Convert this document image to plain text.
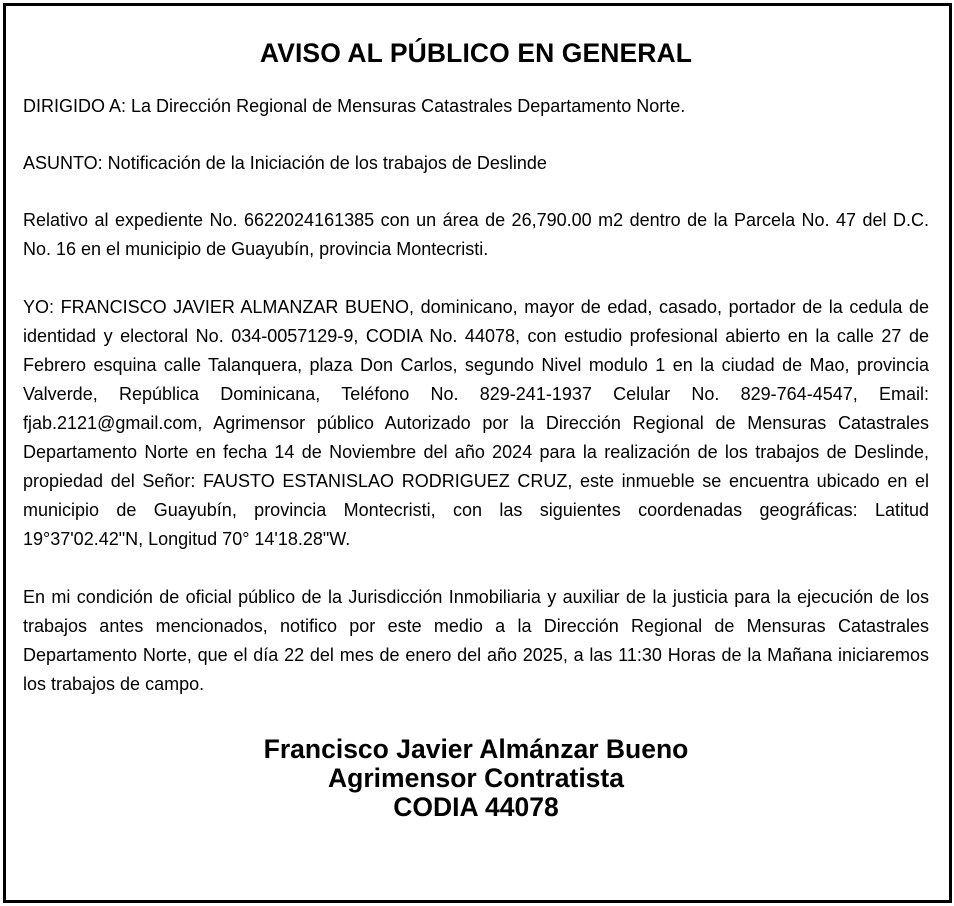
AVISO AL PÚBLICO EN GENERAL

DIRIGIDO A: La Dirección Regional de Mensuras Catastrales Departamento Norte.

ASUNTO: Notificación de la Iniciación de los trabajos de Deslinde

Relativo al expediente No. 6622024161385 con un área de 26,790.00 m2 dentro de la Parcela No. 47 del D.C. No. 16 en el municipio de Guayubín, provincia Montecristi.

YO: FRANCISCO JAVIER ALMANZAR BUENO, dominicano, mayor de edad, casado, portador de la cedula de identidad y electoral No. 034-0057129-9, CODIA No. 44078, con estudio profesional abierto en la calle 27 de Febrero esquina calle Talanquera, plaza Don Carlos, segundo Nivel modulo 1 en la ciudad de Mao, provincia Valverde, República Dominicana, Teléfono No. 829-241-1937 Celular No. 829-764-4547, Email: fjab.2121@gmail.com, Agrimensor público Autorizado por la Dirección Regional de Mensuras Catastrales Departamento Norte en fecha 14 de Noviembre del año 2024 para la realización de los trabajos de Deslinde, propiedad del Señor: FAUSTO ESTANISLAO RODRIGUEZ CRUZ, este inmueble se encuentra ubicado en el municipio de Guayubín, provincia Montecristi, con las siguientes coordenadas geográficas: Latitud 19°37'02.42"N, Longitud 70° 14'18.28"W.

En mi condición de oficial público de la Jurisdicción Inmobiliaria y auxiliar de la justicia para la ejecución de los trabajos antes mencionados, notifico por este medio a la Dirección Regional de Mensuras Catastrales Departamento Norte, que el día 22 del mes de enero del año 2025, a las 11:30 Horas de la Mañana iniciaremos los trabajos de campo.

Francisco Javier Almánzar Bueno
Agrimensor Contratista
CODIA 44078
